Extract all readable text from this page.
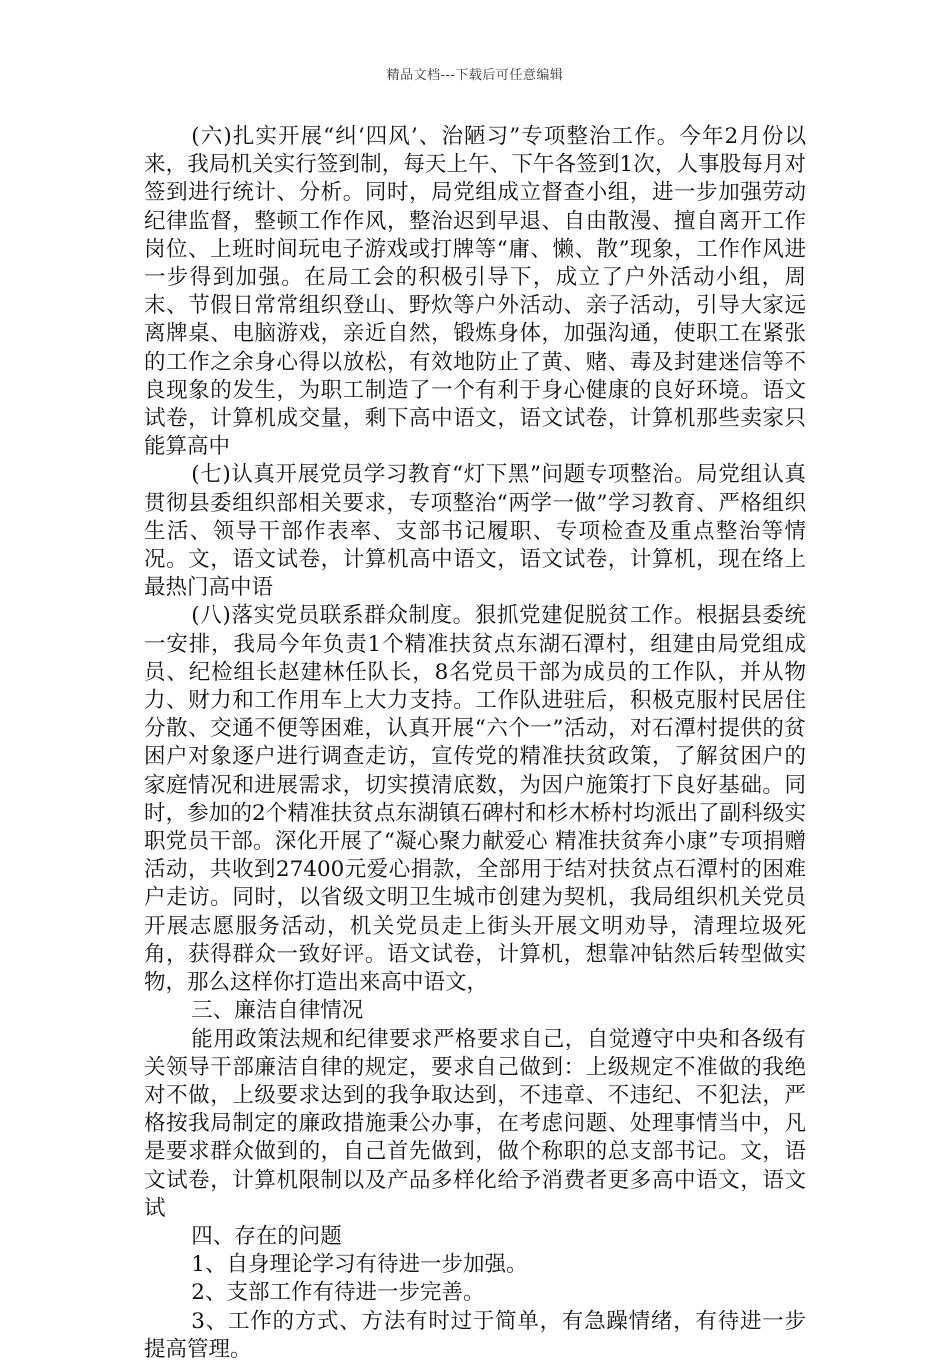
精品文档---下载后可任意编辑

(六)扎实开展“纠‘四风’、治陋习”专项整治工作。今年2月份以来，我局机关实行签到制，每天上午、下午各签到1次，人事股每月对签到进行统计、分析。同时，局党组成立督查小组，进一步加强劳动纪律监督，整顿工作作风，整治迟到早退、自由散漫、擅自离开工作岗位、上班时间玩电子游戏或打牌等“庸、懒、散”现象，工作作风进一步得到加强。在局工会的积极引导下，成立了户外活动小组，周末、节假日常常组织登山、野炊等户外活动、亲子活动，引导大家远离牌桌、电脑游戏，亲近自然，锻炼身体，加强沟通，使职工在紧张的工作之余身心得以放松，有效地防止了黄、赌、毒及封建迷信等不良现象的发生，为职工制造了一个有利于身心健康的良好环境。语文试卷，计算机成交量，剩下高中语文，语文试卷，计算机那些卖家只能算高中

(七)认真开展党员学习教育“灯下黑”问题专项整治。局党组认真贯彻县委组织部相关要求，专项整治“两学一做”学习教育、严格组织生活、领导干部作表率、支部书记履职、专项检查及重点整治等情况。文，语文试卷，计算机高中语文，语文试卷，计算机，现在络上最热门高中语

(八)落实党员联系群众制度。狠抓党建促脱贫工作。根据县委统一安排，我局今年负责1个精准扶贫点东湖石潭村，组建由局党组成员、纪检组长赵建林任队长，8名党员干部为成员的工作队，并从物力、财力和工作用车上大力支持。工作队进驻后，积极克服村民居住分散、交通不便等困难，认真开展“六个一”活动，对石潭村提供的贫困户对象逐户进行调查走访，宣传党的精准扶贫政策，了解贫困户的家庭情况和进展需求，切实摸清底数，为因户施策打下良好基础。同时，参加的2个精准扶贫点东湖镇石碑村和杉木桥村均派出了副科级实职党员干部。深化开展了“凝心聚力献爱心 精准扶贫奔小康”专项捐赠活动，共收到27400元爱心捐款，全部用于结对扶贫点石潭村的困难户走访。同时，以省级文明卫生城市创建为契机，我局组织机关党员开展志愿服务活动，机关党员走上街头开展文明劝导，清理垃圾死角，获得群众一致好评。语文试卷，计算机，想靠冲钻然后转型做实物，那么这样你打造出来高中语文，

三、廉洁自律情况

能用政策法规和纪律要求严格要求自己，自觉遵守中央和各级有关领导干部廉洁自律的规定，要求自己做到：上级规定不准做的我绝对不做，上级要求达到的我争取达到，不违章、不违纪、不犯法，严格按我局制定的廉政措施秉公办事，在考虑问题、处理事情当中，凡是要求群众做到的，自己首先做到，做个称职的总支部书记。文，语文试卷，计算机限制以及产品多样化给予消费者更多高中语文，语文试

四、存在的问题

1、自身理论学习有待进一步加强。

2、支部工作有待进一步完善。

3、工作的方式、方法有时过于简单，有急躁情绪，有待进一步提高管理。
